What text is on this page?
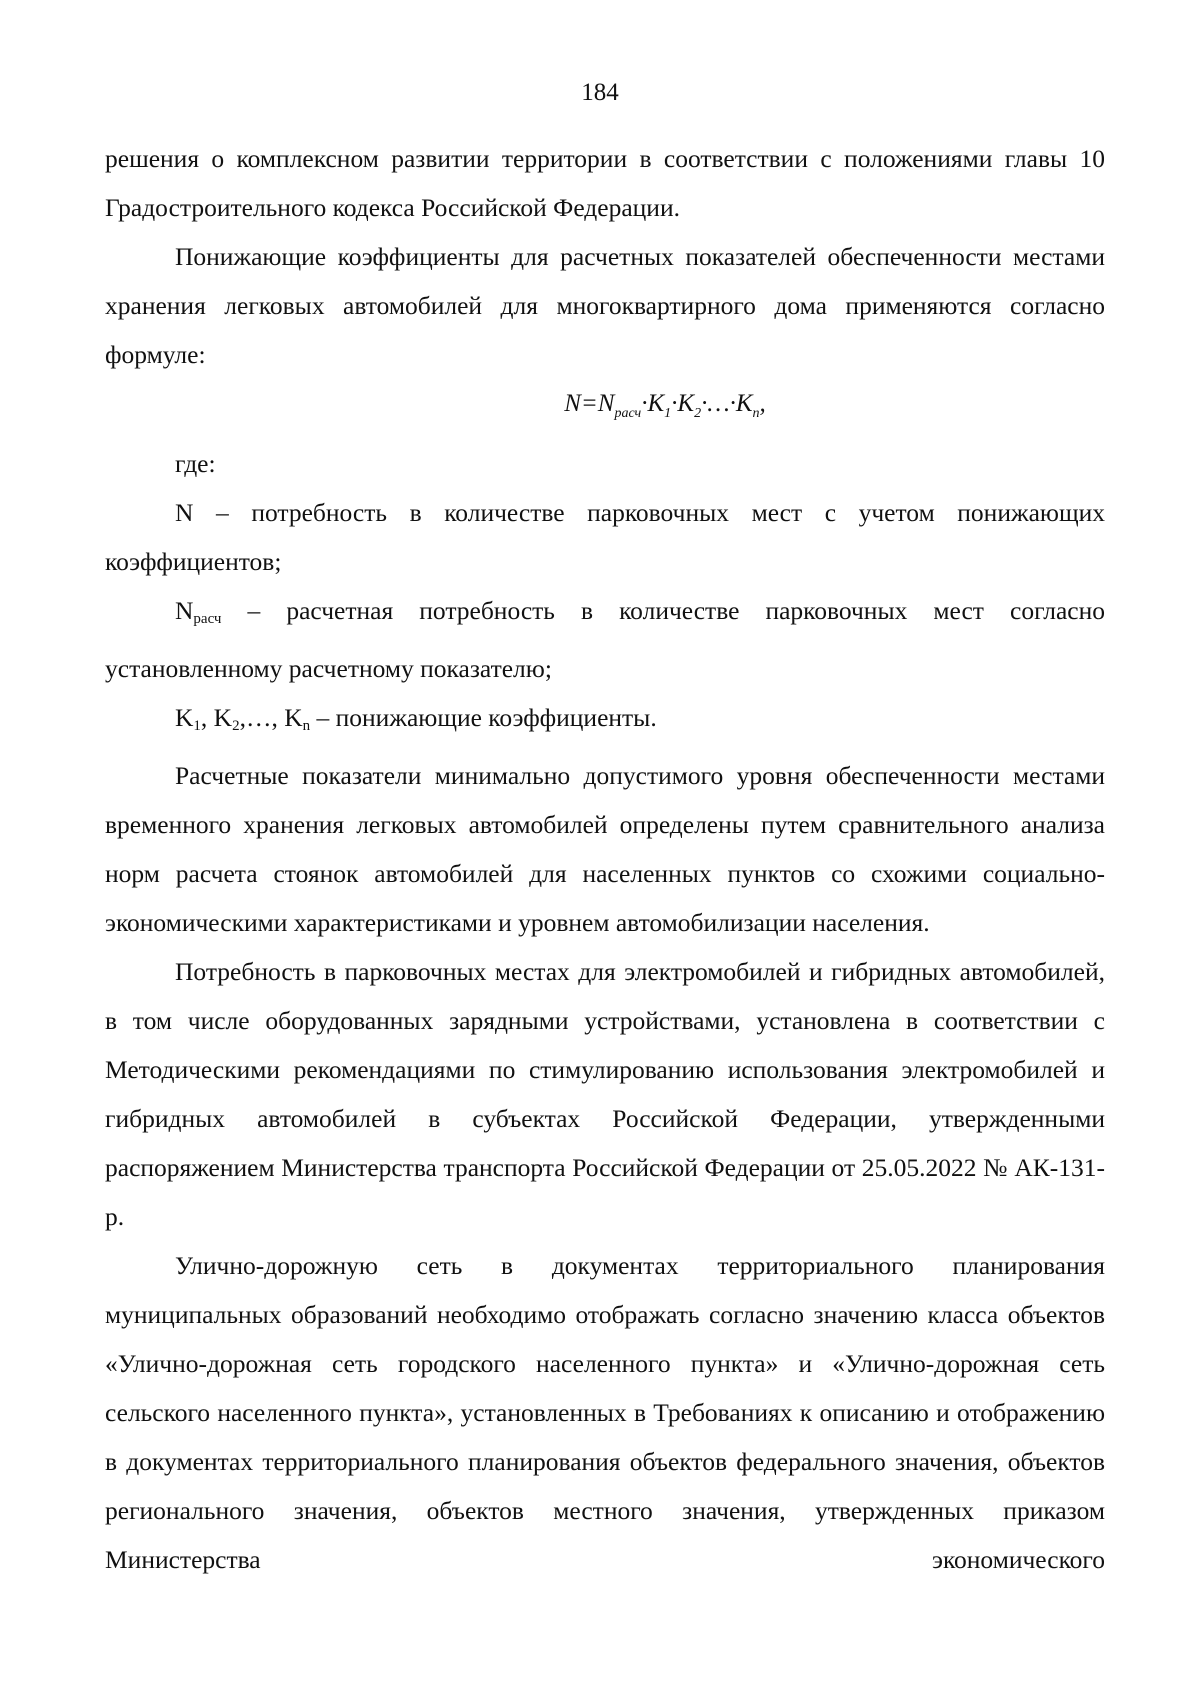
184

решения о комплексном развитии территории в соответствии с положениями главы 10 Градостроительного кодекса Российской Федерации.

Понижающие коэффициенты для расчетных показателей обеспеченности местами хранения легковых автомобилей для многоквартирного дома применяются согласно формуле:

$N=N_{расч}\cdot K_1\cdot K_2\cdot\dots\cdot K_n$,

где:

N – потребность в количестве парковочных мест с учетом понижающих коэффициентов;

Nрасч – расчетная потребность в количестве парковочных мест согласно установленному расчетному показателю;

K1, K2,…, Kn – понижающие коэффициенты.

Расчетные показатели минимально допустимого уровня обеспеченности местами временного хранения легковых автомобилей определены путем сравнительного анализа норм расчета стоянок автомобилей для населенных пунктов со схожими социально-экономическими характеристиками и уровнем автомобилизации населения.

Потребность в парковочных местах для электромобилей и гибридных автомобилей, в том числе оборудованных зарядными устройствами, установлена в соответствии с Методическими рекомендациями по стимулированию использования электромобилей и гибридных автомобилей в субъектах Российской Федерации, утвержденными распоряжением Министерства транспорта Российской Федерации от 25.05.2022 № АК-131-р.

Улично-дорожную сеть в документах территориального планирования муниципальных образований необходимо отображать согласно значению класса объектов «Улично-дорожная сеть городского населенного пункта» и «Улично-дорожная сеть сельского населенного пункта», установленных в Требованиях к описанию и отображению в документах территориального планирования объектов федерального значения, объектов регионального значения, объектов местного значения, утвержденных приказом Министерства экономического
